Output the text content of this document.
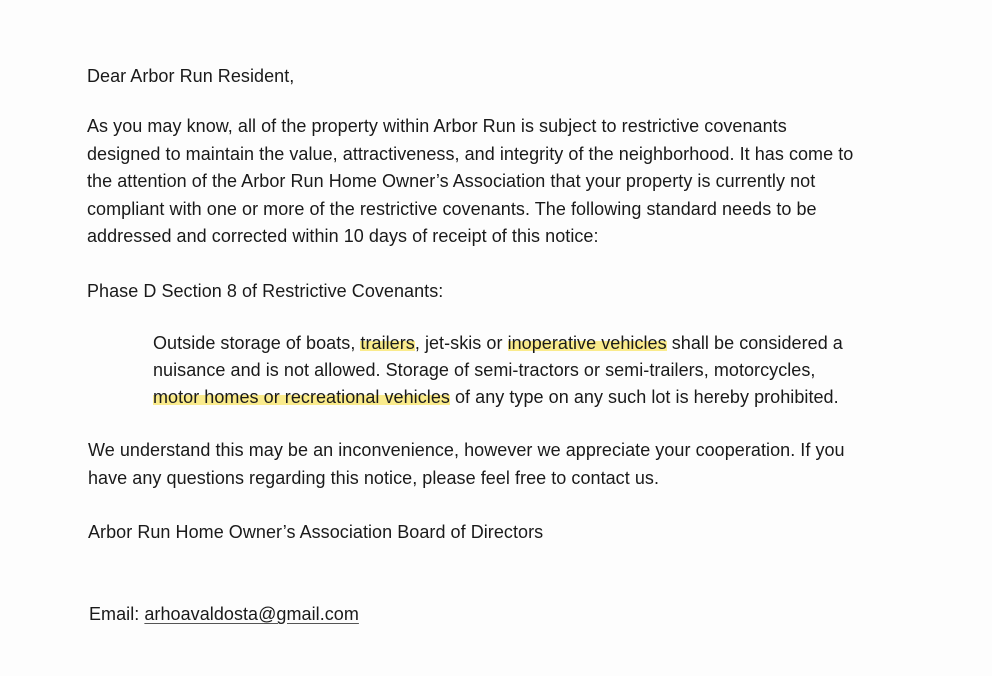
Dear Arbor Run Resident,
As you may know, all of the property within Arbor Run is subject to restrictive covenants
designed to maintain the value, attractiveness, and integrity of the neighborhood. It has come to
the attention of the Arbor Run Home Owner’s Association that your property is currently not
compliant with one or more of the restrictive covenants. The following standard needs to be
addressed and corrected within 10 days of receipt of this notice:
Phase D Section 8 of Restrictive Covenants:
Outside storage of boats, trailers, jet-skis or inoperative vehicles shall be considered a
nuisance and is not allowed. Storage of semi-tractors or semi-trailers, motorcycles,
motor homes or recreational vehicles of any type on any such lot is hereby prohibited.
We understand this may be an inconvenience, however we appreciate your cooperation. If you
have any questions regarding this notice, please feel free to contact us.
Arbor Run Home Owner’s Association Board of Directors
Email: arhoavaldosta@gmail.com
